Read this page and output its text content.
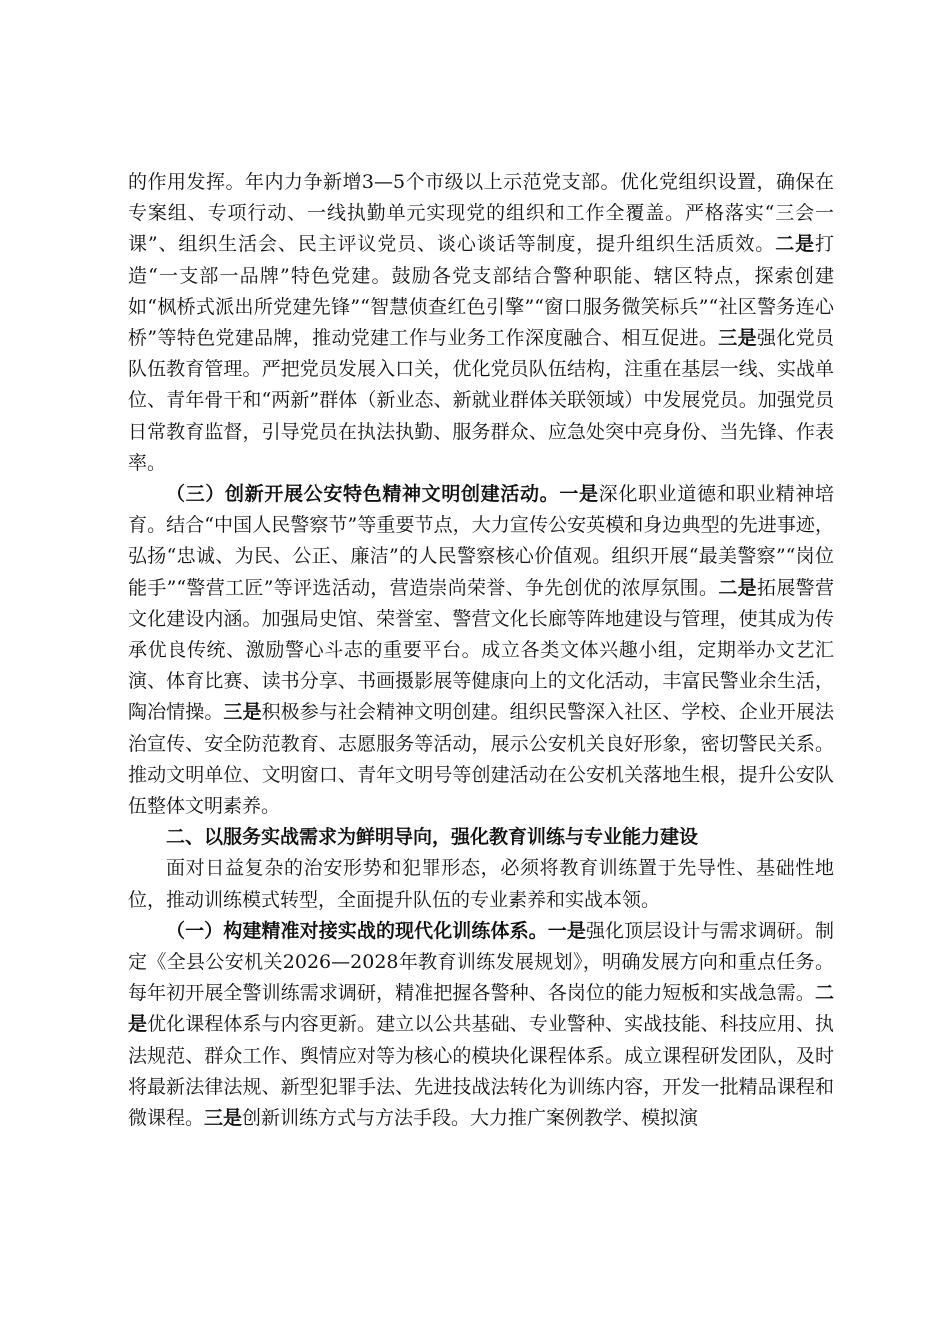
的作用发挥。年内力争新增3—5个市级以上示范党支部。优化党组织设置，确保在专案组、专项行动、一线执勤单元实现党的组织和工作全覆盖。严格落实“三会一课”、组织生活会、民主评议党员、谈心谈话等制度，提升组织生活质效。二是打造“一支部一品牌”特色党建。鼓励各党支部结合警种职能、辖区特点，探索创建如“枫桥式派出所党建先锋”“智慧侦查红色引擎”“窗口服务微笑标兵”“社区警务连心桥”等特色党建品牌，推动党建工作与业务工作深度融合、相互促进。三是强化党员队伍教育管理。严把党员发展入口关，优化党员队伍结构，注重在基层一线、实战单位、青年骨干和“两新”群体（新业态、新就业群体关联领域）中发展党员。加强党员日常教育监督，引导党员在执法执勤、服务群众、应急处突中亮身份、当先锋、作表率。

（三）创新开展公安特色精神文明创建活动。一是深化职业道德和职业精神培育。结合“中国人民警察节”等重要节点，大力宣传公安英模和身边典型的先进事迹，弘扬“忠诚、为民、公正、廉洁”的人民警察核心价值观。组织开展“最美警察”“岗位能手”“警营工匠”等评选活动，营造崇尚荣誉、争先创优的浓厚氛围。二是拓展警营文化建设内涵。加强局史馆、荣誉室、警营文化长廊等阵地建设与管理，使其成为传承优良传统、激励警心斗志的重要平台。成立各类文体兴趣小组，定期举办文艺汇演、体育比赛、读书分享、书画摄影展等健康向上的文化活动，丰富民警业余生活，陶冶情操。三是积极参与社会精神文明创建。组织民警深入社区、学校、企业开展法治宣传、安全防范教育、志愿服务等活动，展示公安机关良好形象，密切警民关系。推动文明单位、文明窗口、青年文明号等创建活动在公安机关落地生根，提升公安队伍整体文明素养。

二、以服务实战需求为鲜明导向，强化教育训练与专业能力建设

面对日益复杂的治安形势和犯罪形态，必须将教育训练置于先导性、基础性地位，推动训练模式转型，全面提升队伍的专业素养和实战本领。

（一）构建精准对接实战的现代化训练体系。一是强化顶层设计与需求调研。制定《全县公安机关2026—2028年教育训练发展规划》，明确发展方向和重点任务。每年初开展全警训练需求调研，精准把握各警种、各岗位的能力短板和实战急需。二是优化课程体系与内容更新。建立以公共基础、专业警种、实战技能、科技应用、执法规范、群众工作、舆情应对等为核心的模块化课程体系。成立课程研发团队，及时将最新法律法规、新型犯罪手法、先进技战法转化为训练内容，开发一批精品课程和微课程。三是创新训练方式与方法手段。大力推广案例教学、模拟演
